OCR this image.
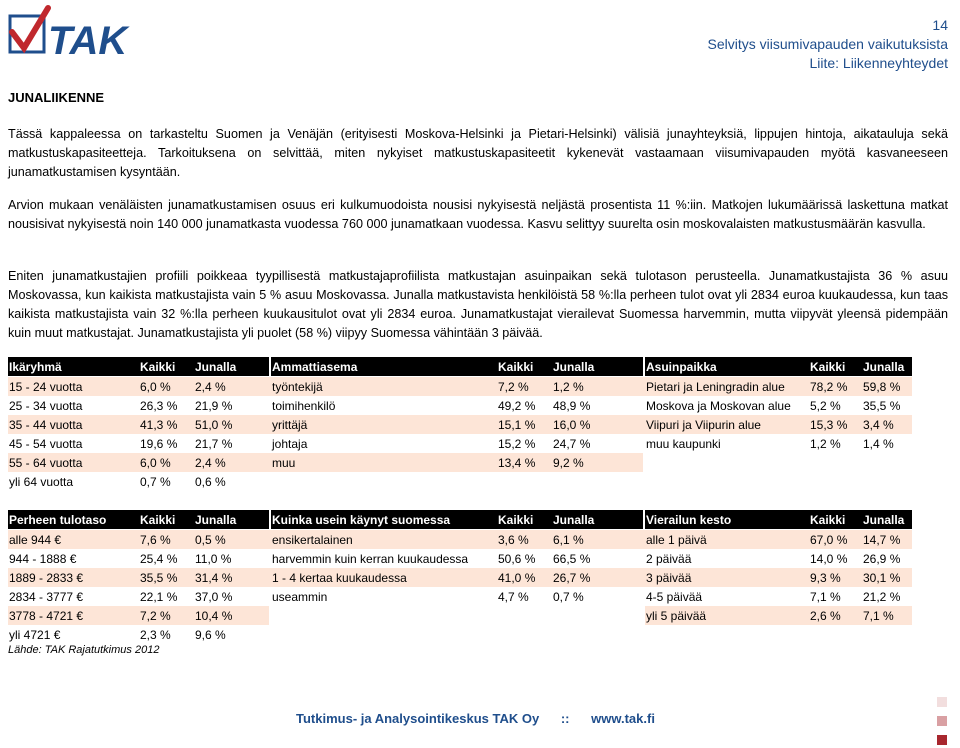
TAK	14
Selvitys viisumivapauden vaikutuksista
Liite: Liikenneyhteydet
JUNALIIKENNE

Tässä kappaleessa on tarkasteltu Suomen ja Venäjän (erityisesti Moskova-Helsinki ja Pietari-Helsinki) välisiä junayhteyksiä, lippujen hintoja, aikatauluja sekä matkustuskapasiteetteja. Tarkoituksena on selvittää, miten nykyiset matkustuskapasiteetit kykenevät vastaamaan viisumivapauden myötä kasvaneeseen junamatkustamisen kysyntään.

Arvion mukaan venäläisten junamatkustamisen osuus eri kulkumuodoista nousisi nykyisestä neljästä prosentista 11 %:iin. Matkojen lukumäärissä laskettuna matkat nousisivat nykyisestä noin 140 000 junamatkasta vuodessa 760 000 junamatkaan vuodessa. Kasvu selittyy suurelta osin moskovalaisten matkustusmäärän kasvulla.

Eniten junamatkustajien profiili poikkeaa tyypillisestä matkustajaprofiilista matkustajan asuinpaikan sekä tulotason perusteella. Junamatkustajista 36 % asuu Moskovassa, kun kaikista matkustajista vain 5 % asuu Moskovassa. Junalla matkustavista henkilöistä 58 %:lla perheen tulot ovat yli 2834 euroa kuukaudessa, kun taas kaikista matkustajista vain 32 %:lla perheen kuukausitulot ovat yli 2834 euroa. Junamatkustajat vierailevat Suomessa harvemmin, mutta viipyvät yleensä pidempään kuin muut matkustajat. Junamatkustajista yli puolet (58 %) viipyy Suomessa vähintään 3 päivää.

Ikäryhmä	Kaikki	Junalla		Ammattiasema	Kaikki	Junalla		Asuinpaikka	Kaikki	Junalla

15 - 24 vuotta	6,0 %	2,4 %		työntekijä	7,2 %	1,2 %		Pietari ja Leningradin alue	78,2 %	59,8 %
25 - 34 vuotta	26,3 %	21,9 %		toimihenkilö	49,2 %	48,9 %		Moskova ja Moskovan alue	5,2 %	35,5 %
35 - 44 vuotta	41,3 %	51,0 %		yrittäjä	15,1 %	16,0 %		Viipuri ja Viipurin alue	15,3 %	3,4 %
45 - 54 vuotta	19,6 %	21,7 %		johtaja	15,2 %	24,7 %		muu kaupunki	1,2 %	1,4 %
55 - 64 vuotta	6,0 %	2,4 %		muu	13,4 %	9,2 %				
yli 64 vuotta	0,7 %	0,6 %								
Perheen tulotaso	Kaikki	Junalla		Kuinka usein käynyt suomessa	Kaikki	Junalla		Vierailun kesto	Kaikki	Junalla

alle 944 €	7,6 %	0,5 %		ensikertalainen	3,6 %	6,1 %		alle 1 päivä	67,0 %	14,7 %
944 - 1888 €	25,4 %	11,0 %		harvemmin kuin kerran kuukaudessa	50,6 %	66,5 %		2 päivää	14,0 %	26,9 %
1889 - 2833 €	35,5 %	31,4 %		1 - 4 kertaa kuukaudessa	41,0 %	26,7 %		3 päivää	9,3 %	30,1 %
2834 - 3777 €	22,1 %	37,0 %		useammin	4,7 %	0,7 %		4-5 päivää	7,1 %	21,2 %
3778 - 4721 €	7,2 %	10,4 %						yli 5 päivää	2,6 %	7,1 %
yli 4721 €	2,3 %	9,6 %								
Lähde: TAK Rajatutkimus 2012
Tutkimus- ja Analysointikeskus TAK Oy :: www.tak.fi
